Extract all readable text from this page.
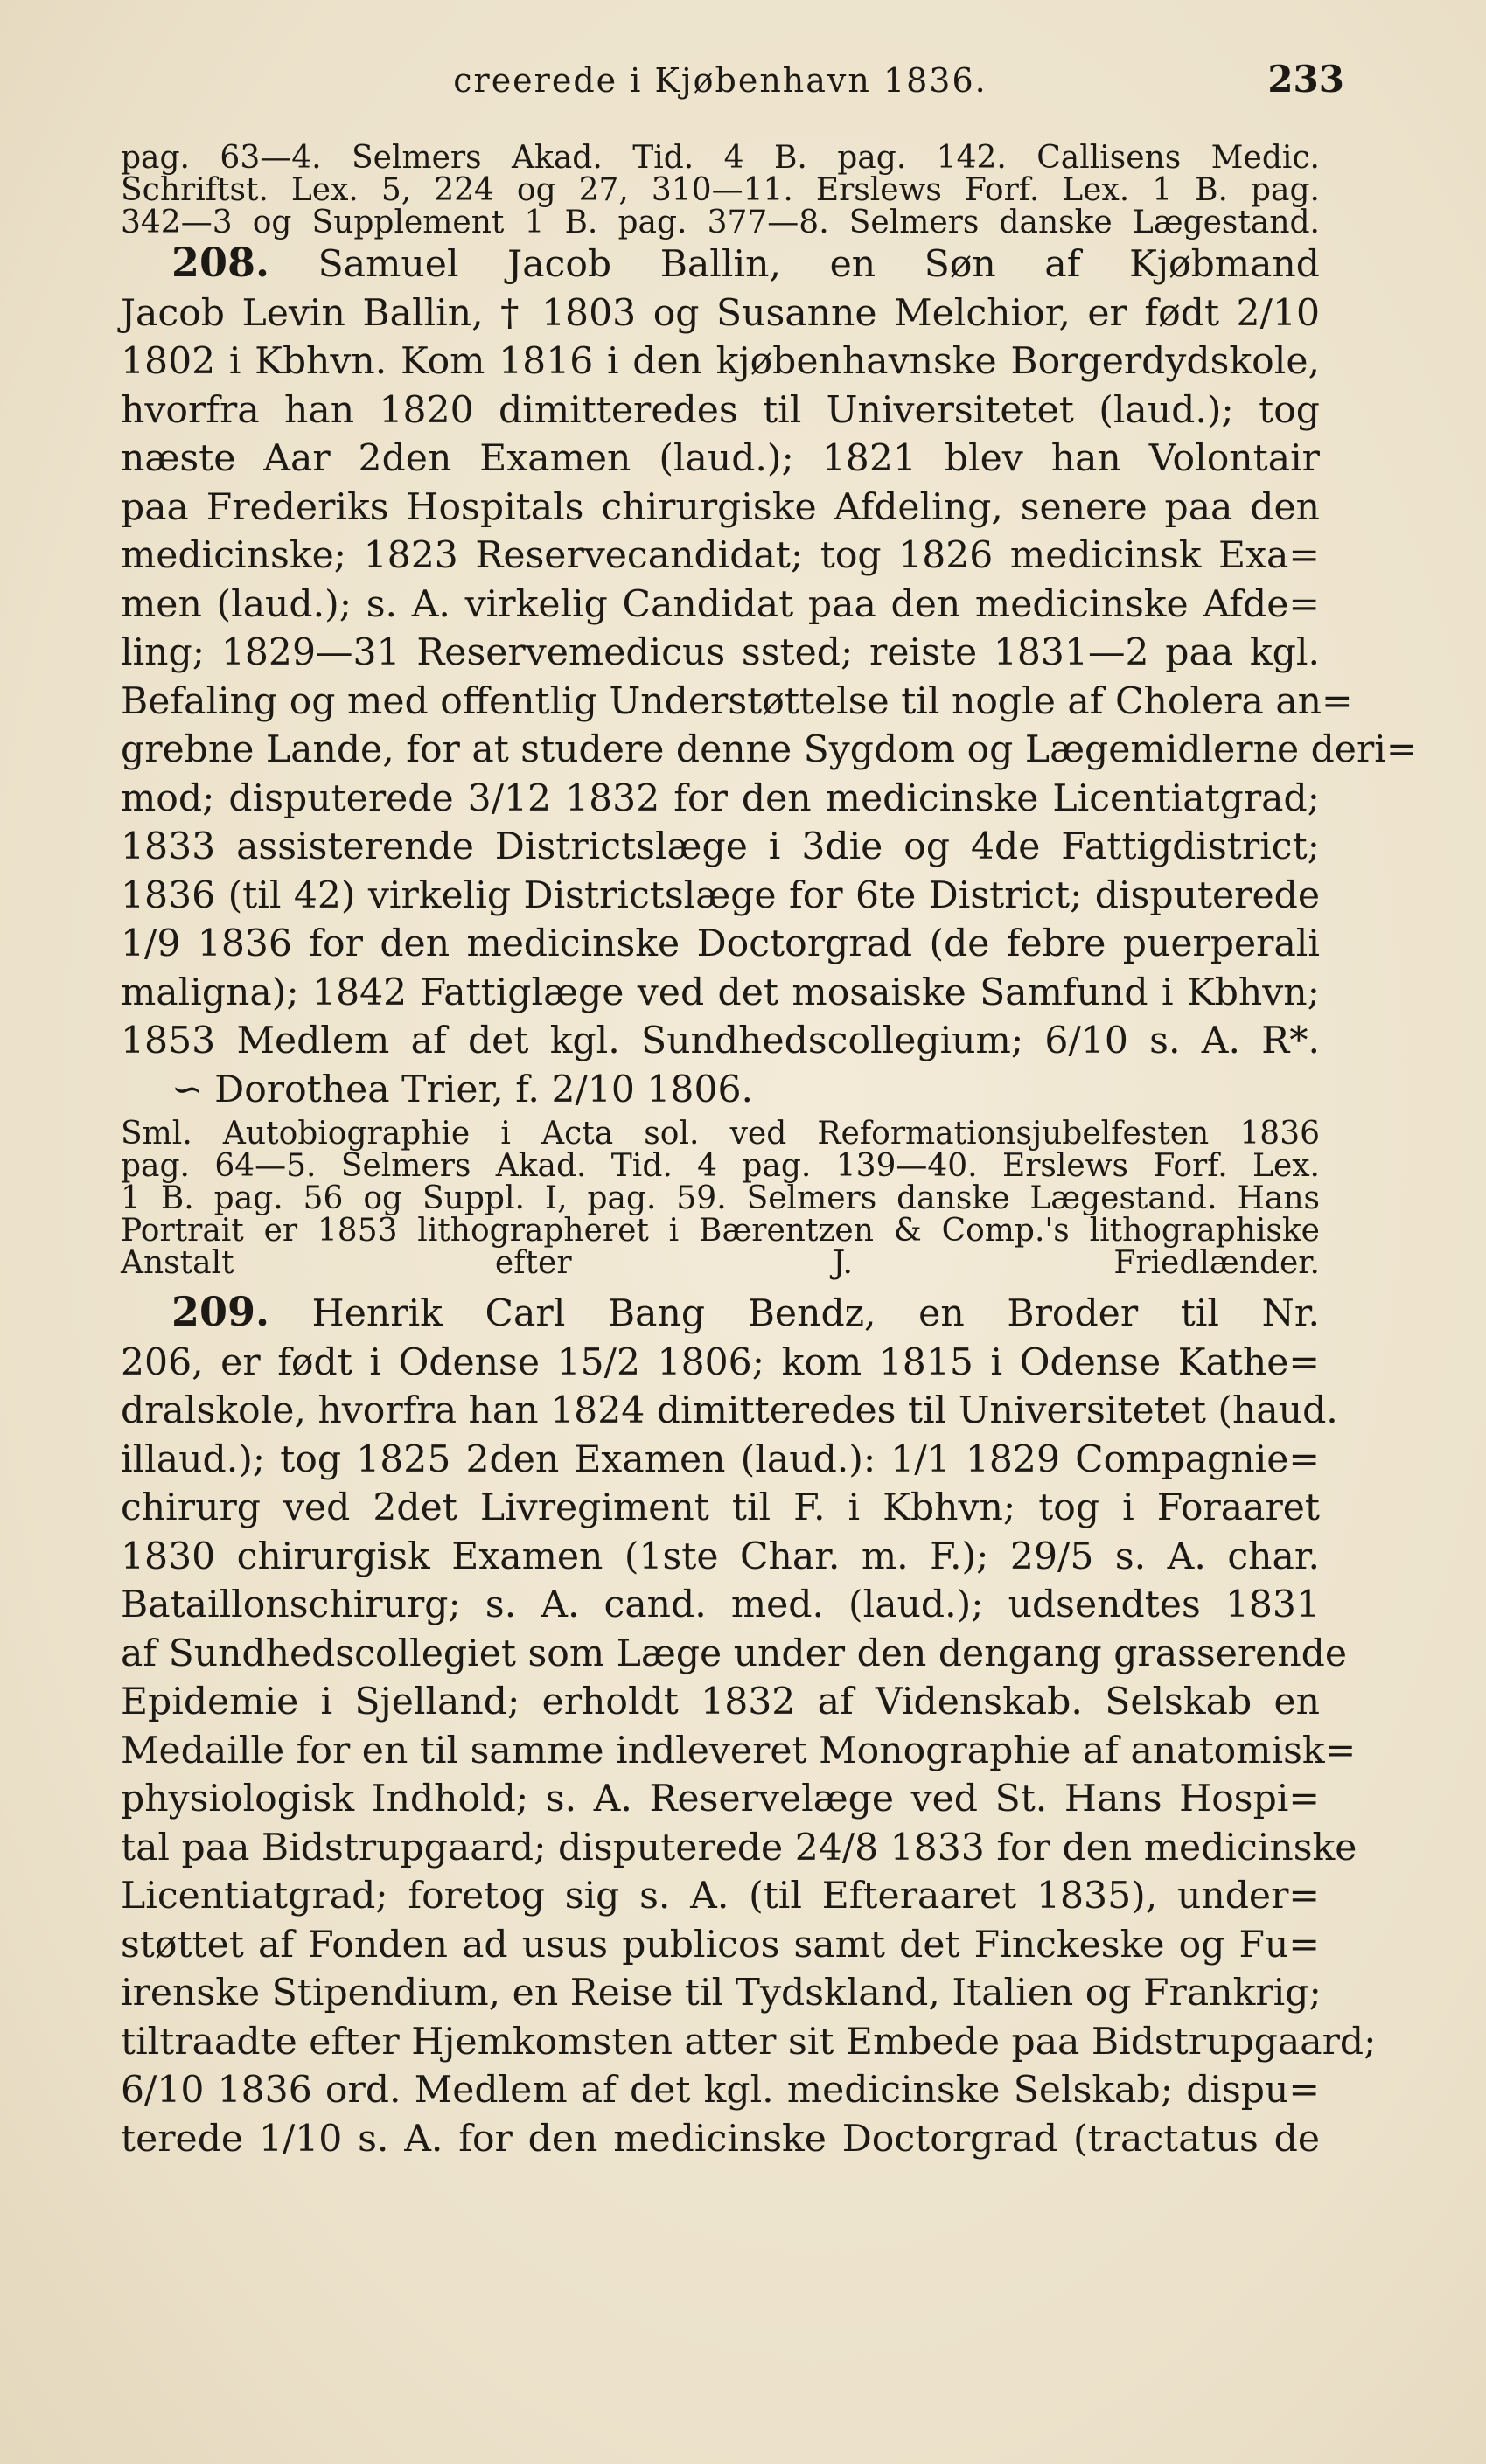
creerede i Kjøbenhavn 1836.	233
pag. 63—4. Selmers Akad. Tid. 4 B. pag. 142. Callisens Medic.
Schriftst. Lex. 5, 224 og 27, 310—11. Erslews Forf. Lex. 1 B. pag.
342—3 og Supplement 1 B. pag. 377—8. Selmers danske Lægestand.
208. Samuel Jacob Ballin, en Søn af Kjøbmand
Jacob Levin Ballin, † 1803 og Susanne Melchior, er født 2/10
1802 i Kbhvn. Kom 1816 i den kjøbenhavnske Borgerdydskole,
hvorfra han 1820 dimitteredes til Universitetet (laud.); tog
næste Aar 2den Examen (laud.); 1821 blev han Volontair
paa Frederiks Hospitals chirurgiske Afdeling, senere paa den
medicinske; 1823 Reservecandidat; tog 1826 medicinsk Exa=
men (laud.); s. A. virkelig Candidat paa den medicinske Afde=
ling; 1829—31 Reservemedicus ssted; reiste 1831—2 paa kgl.
Befaling og med offentlig Understøttelse til nogle af Cholera an=
grebne Lande, for at studere denne Sygdom og Lægemidlerne deri=
mod; disputerede 3/12 1832 for den medicinske Licentiatgrad;
1833 assisterende Districtslæge i 3die og 4de Fattigdistrict;
1836 (til 42) virkelig Districtslæge for 6te District; disputerede
1/9 1836 for den medicinske Doctorgrad (de febre puerperali
maligna); 1842 Fattiglæge ved det mosaiske Samfund i Kbhvn;
1853 Medlem af det kgl. Sundhedscollegium; 6/10 s. A. R*.
∽ Dorothea Trier, f. 2/10 1806.
Sml. Autobiographie i Acta sol. ved Reformationsjubelfesten 1836
pag. 64—5. Selmers Akad. Tid. 4 pag. 139—40. Erslews Forf. Lex.
1 B. pag. 56 og Suppl. I, pag. 59. Selmers danske Lægestand. Hans
Portrait er 1853 lithographeret i Bærentzen & Comp.'s lithographiske
Anstalt efter J. Friedlænder.
209. Henrik Carl Bang Bendz, en Broder til Nr.
206, er født i Odense 15/2 1806; kom 1815 i Odense Kathe=
dralskole, hvorfra han 1824 dimitteredes til Universitetet (haud.
illaud.); tog 1825 2den Examen (laud.): 1/1 1829 Compagnie=
chirurg ved 2det Livregiment til F. i Kbhvn; tog i Foraaret
1830 chirurgisk Examen (1ste Char. m. F.); 29/5 s. A. char.
Bataillonschirurg; s. A. cand. med. (laud.); udsendtes 1831
af Sundhedscollegiet som Læge under den dengang grasserende
Epidemie i Sjelland; erholdt 1832 af Videnskab. Selskab en
Medaille for en til samme indleveret Monographie af anatomisk=
physiologisk Indhold; s. A. Reservelæge ved St. Hans Hospi=
tal paa Bidstrupgaard; disputerede 24/8 1833 for den medicinske
Licentiatgrad; foretog sig s. A. (til Efteraaret 1835), under=
støttet af Fonden ad usus publicos samt det Finckeske og Fu=
irenske Stipendium, en Reise til Tydskland, Italien og Frankrig;
tiltraadte efter Hjemkomsten atter sit Embede paa Bidstrupgaard;
6/10 1836 ord. Medlem af det kgl. medicinske Selskab; dispu=
terede 1/10 s. A. for den medicinske Doctorgrad (tractatus de
